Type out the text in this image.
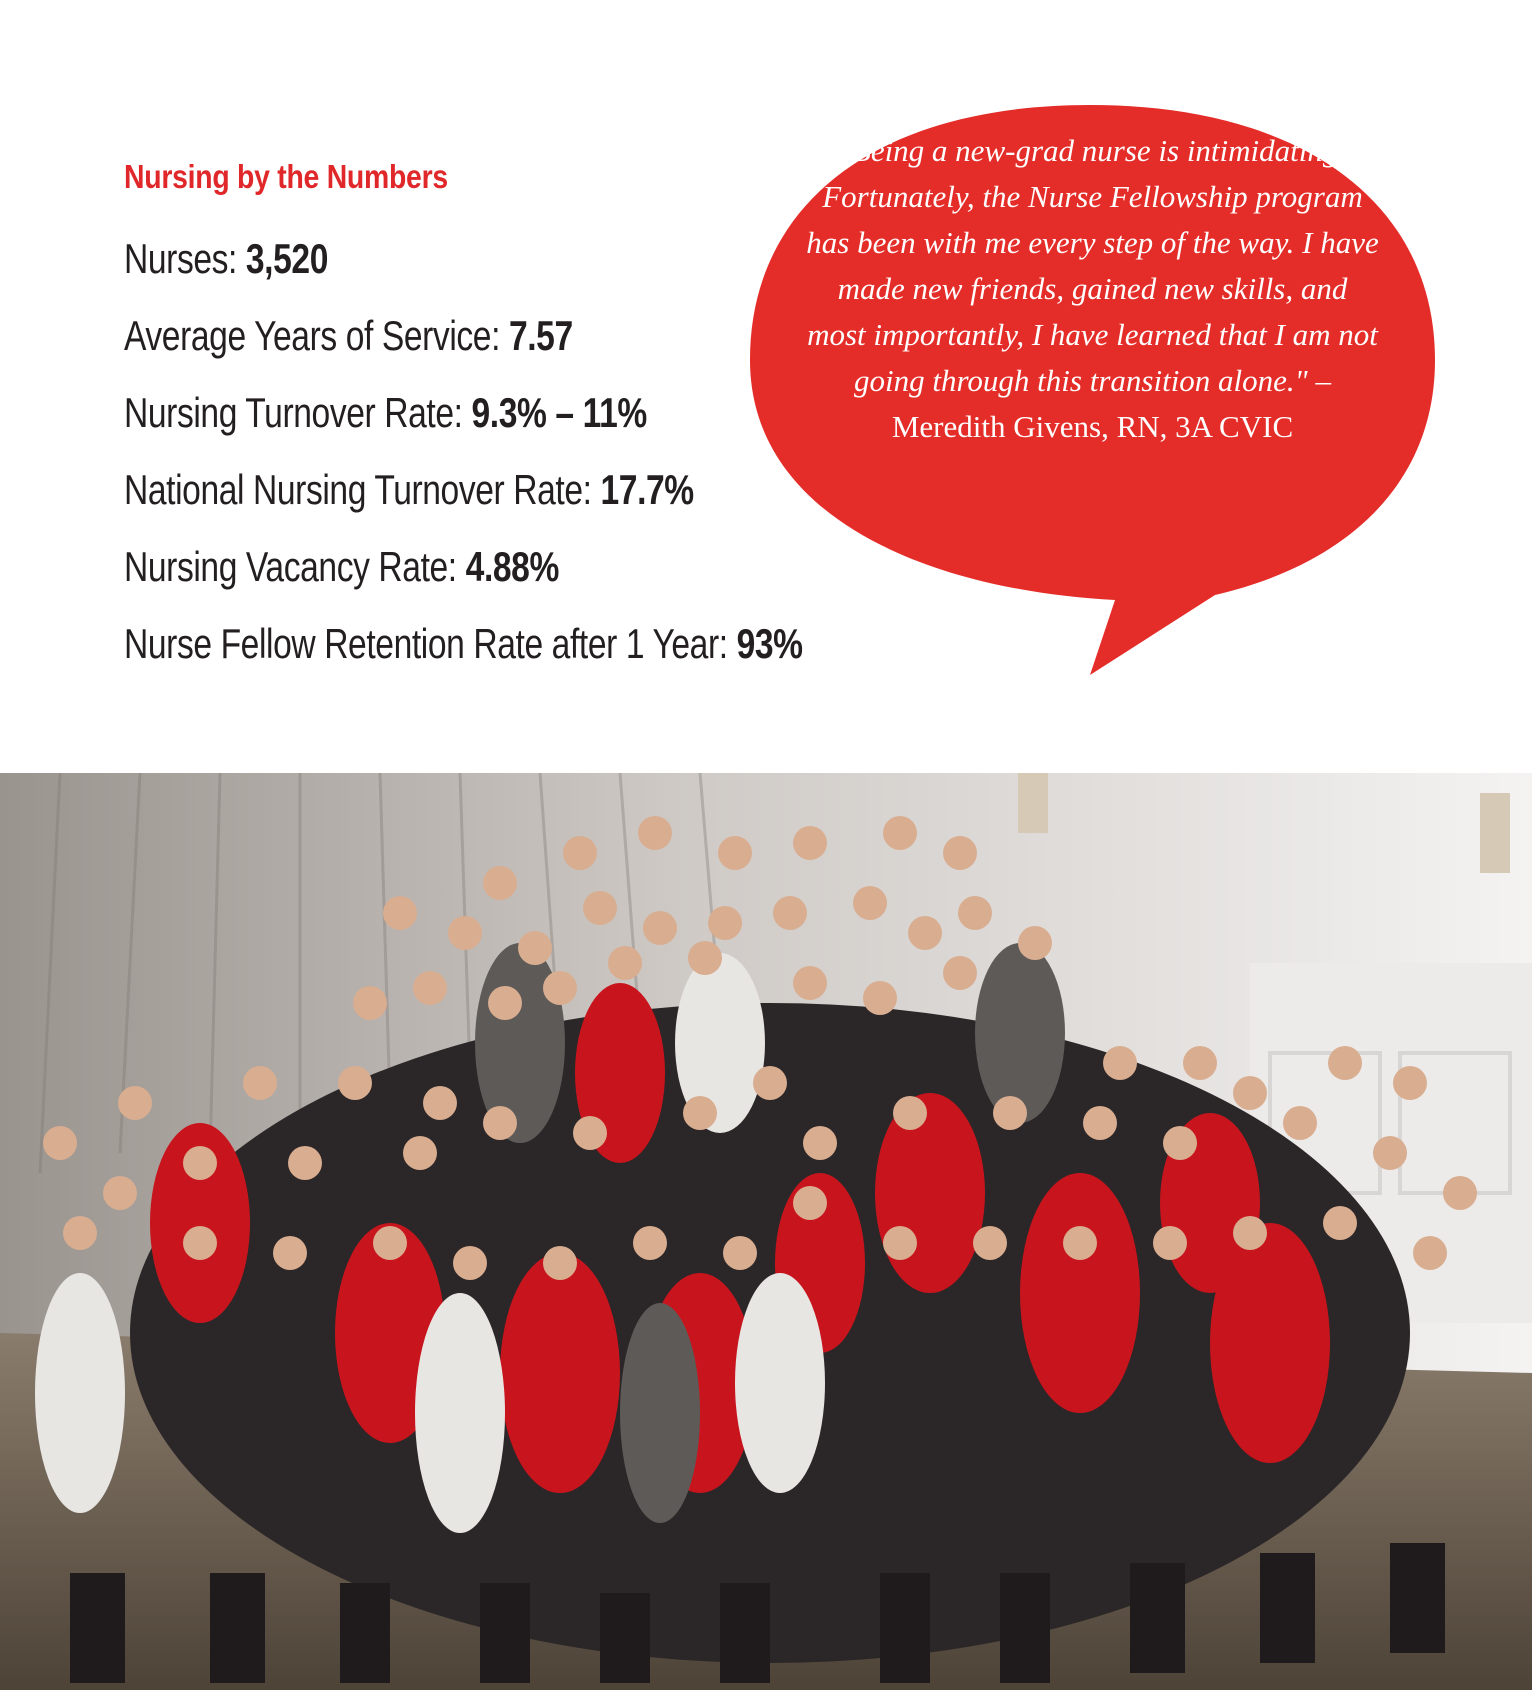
Nursing by the Numbers
Nurses: 3,520
Average Years of Service: 7.57
Nursing Turnover Rate: 9.3% – 11%
National Nursing Turnover Rate: 17.7%
Nursing Vacancy Rate: 4.88%
Nurse Fellow Retention Rate after 1 Year: 93%
"Being a new-grad nurse is intimidating. Fortunately, the Nurse Fellowship program has been with me every step of the way. I have made new friends, gained new skills, and most importantly, I have learned that I am not going through this transition alone." – Meredith Givens, RN, 3A CVIC
